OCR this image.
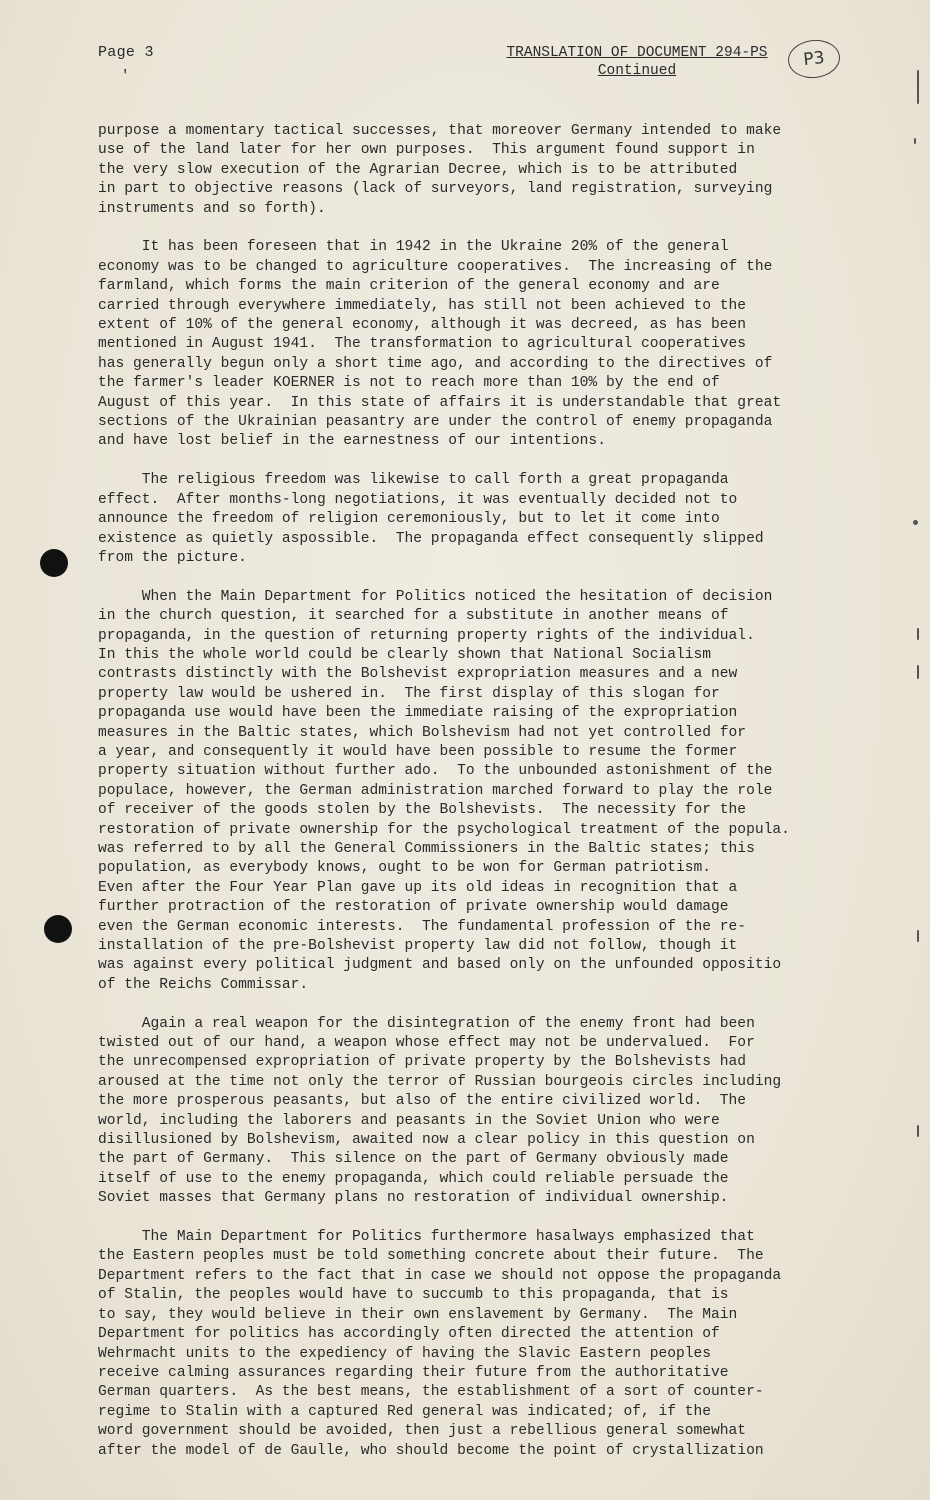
Page 3
′
TRANSLATION OF DOCUMENT 294-PS
Continued
P3

purpose a momentary tactical successes, that moreover Germany intended to make
use of the land later for her own purposes.  This argument found support in
the very slow execution of the Agrarian Decree, which is to be attributed
in part to objective reasons (lack of surveyors, land registration, surveying
instruments and so forth).

It has been foreseen that in 1942 in the Ukraine 20% of the general
economy was to be changed to agriculture cooperatives.  The increasing of the
farmland, which forms the main criterion of the general economy and are
carried through everywhere immediately, has still not been achieved to the
extent of 10% of the general economy, although it was decreed, as has been
mentioned in August 1941.  The transformation to agricultural cooperatives
has generally begun only a short time ago, and according to the directives of
the farmer's leader KOERNER is not to reach more than 10% by the end of
August of this year.  In this state of affairs it is understandable that great
sections of the Ukrainian peasantry are under the control of enemy propaganda
and have lost belief in the earnestness of our intentions.

The religious freedom was likewise to call forth a great propaganda
effect.  After months-long negotiations, it was eventually decided not to
announce the freedom of religion ceremoniously, but to let it come into
existence as quietly aspossible.  The propaganda effect consequently slipped
from the picture.

When the Main Department for Politics noticed the hesitation of decision
in the church question, it searched for a substitute in another means of
propaganda, in the question of returning property rights of the individual.
In this the whole world could be clearly shown that National Socialism
contrasts distinctly with the Bolshevist expropriation measures and a new
property law would be ushered in.  The first display of this slogan for
propaganda use would have been the immediate raising of the expropriation
measures in the Baltic states, which Bolshevism had not yet controlled for
a year, and consequently it would have been possible to resume the former
property situation without further ado.  To the unbounded astonishment of the
populace, however, the German administration marched forward to play the role
of receiver of the goods stolen by the Bolshevists.  The necessity for the
restoration of private ownership for the psychological treatment of the popula.
was referred to by all the General Commissioners in the Baltic states; this
population, as everybody knows, ought to be won for German patriotism.
Even after the Four Year Plan gave up its old ideas in recognition that a
further protraction of the restoration of private ownership would damage
even the German economic interests.  The fundamental profession of the re-
installation of the pre-Bolshevist property law did not follow, though it
was against every political judgment and based only on the unfounded oppositio
of the Reichs Commissar.

Again a real weapon for the disintegration of the enemy front had been
twisted out of our hand, a weapon whose effect may not be undervalued.  For
the unrecompensed expropriation of private property by the Bolshevists had
aroused at the time not only the terror of Russian bourgeois circles including
the more prosperous peasants, but also of the entire civilized world.  The
world, including the laborers and peasants in the Soviet Union who were
disillusioned by Bolshevism, awaited now a clear policy in this question on
the part of Germany.  This silence on the part of Germany obviously made
itself of use to the enemy propaganda, which could reliable persuade the
Soviet masses that Germany plans no restoration of individual ownership.

The Main Department for Politics furthermore hasalways emphasized that
the Eastern peoples must be told something concrete about their future.  The
Department refers to the fact that in case we should not oppose the propaganda
of Stalin, the peoples would have to succumb to this propaganda, that is
to say, they would believe in their own enslavement by Germany.  The Main
Department for politics has accordingly often directed the attention of
Wehrmacht units to the expediency of having the Slavic Eastern peoples
receive calming assurances regarding their future from the authoritative
German quarters.  As the best means, the establishment of a sort of counter-
regime to Stalin with a captured Red general was indicated; of, if the
word government should be avoided, then just a rebellious general somewhat
after the model of de Gaulle, who should become the point of crystallization
